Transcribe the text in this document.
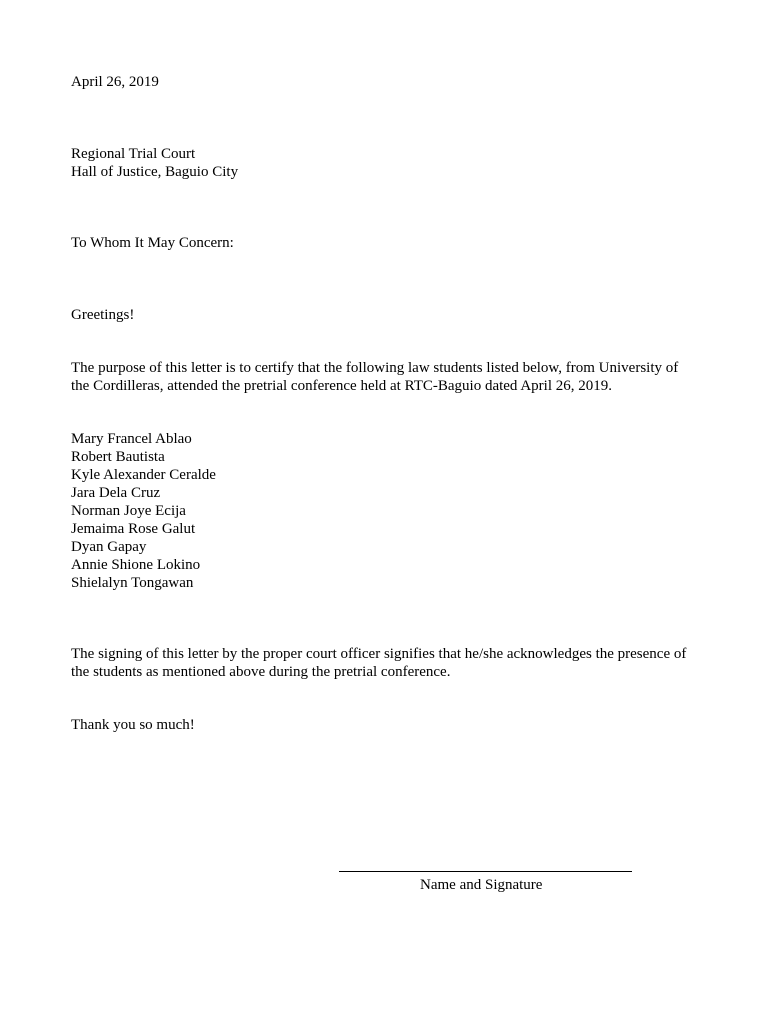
April 26, 2019
Regional Trial Court
Hall of Justice, Baguio City
To Whom It May Concern:
Greetings!
The purpose of this letter is to certify that the following law students listed below, from University of
the Cordilleras, attended the pretrial conference held at RTC-Baguio dated April 26, 2019.
Mary Francel Ablao
Robert Bautista
Kyle Alexander Ceralde
Jara Dela Cruz
Norman Joye Ecija
Jemaima Rose Galut
Dyan Gapay
Annie Shione Lokino
Shielalyn Tongawan
The signing of this letter by the proper court officer signifies that he/she acknowledges the presence of
the students as mentioned above during the pretrial conference.
Thank you so much!
Name and Signature
